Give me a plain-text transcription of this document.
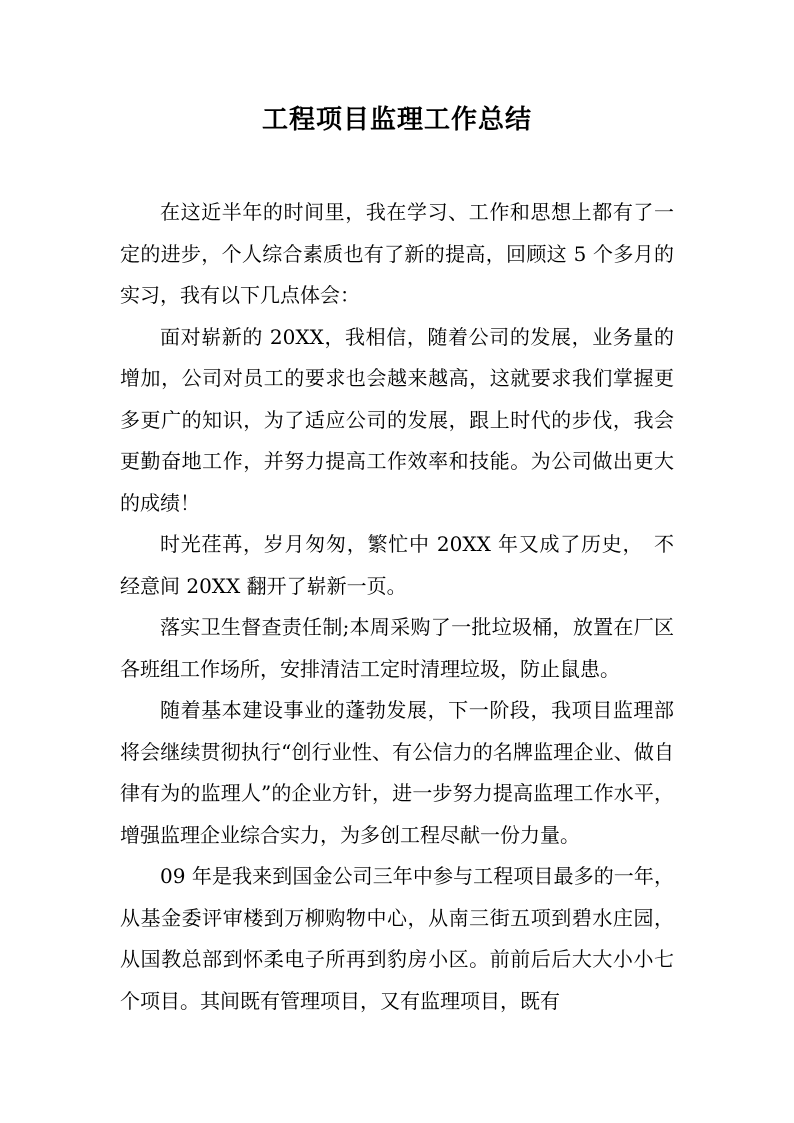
工程项目监理工作总结

在这近半年的时间里，我在学习、工作和思想上都有了一定的进步，个人综合素质也有了新的提高，回顾这 5 个多月的实习，我有以下几点体会：

面对崭新的 20XX，我相信，随着公司的发展，业务量的增加，公司对员工的要求也会越来越高，这就要求我们掌握更多更广的知识，为了适应公司的发展，跟上时代的步伐，我会更勤奋地工作，并努力提高工作效率和技能。为公司做出更大的成绩！

时光荏苒，岁月匆匆，繁忙中 20XX 年又成了历史，　不经意间 20XX 翻开了崭新一页。

落实卫生督查责任制;本周采购了一批垃圾桶，放置在厂区各班组工作场所，安排清洁工定时清理垃圾，防止鼠患。

随着基本建设事业的蓬勃发展，下一阶段，我项目监理部将会继续贯彻执行“创行业性、有公信力的名牌监理企业、做自律有为的监理人”的企业方针，进一步努力提高监理工作水平，增强监理企业综合实力，为多创工程尽献一份力量。

09 年是我来到国金公司三年中参与工程项目最多的一年，从基金委评审楼到万柳购物中心，从南三街五项到碧水庄园，从国教总部到怀柔电子所再到豹房小区。前前后后大大小小七个项目。其间既有管理项目，又有监理项目，既有
